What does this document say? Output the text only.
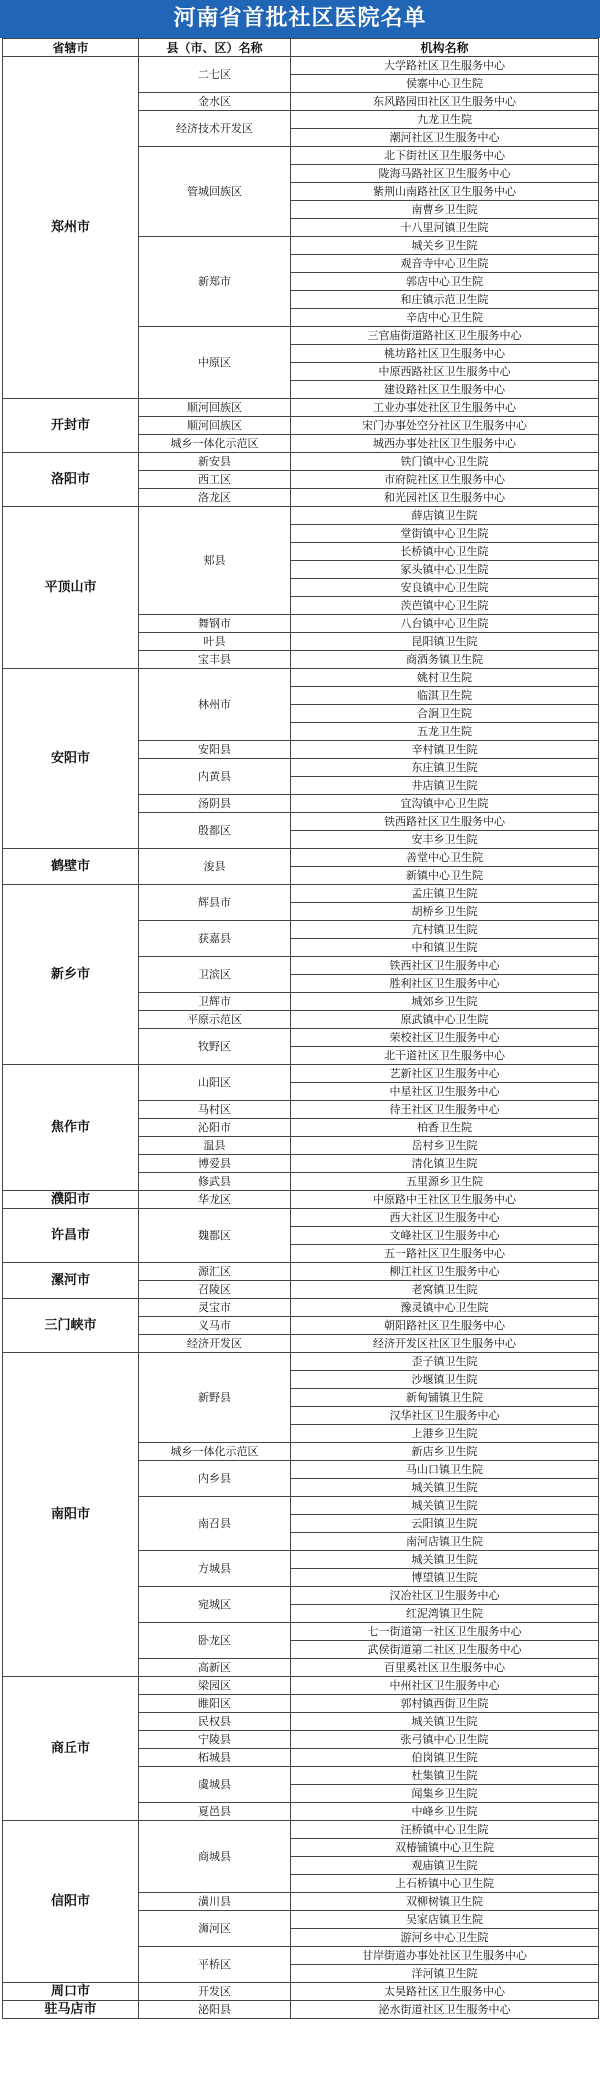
河南省首批社区医院名单
省辖市	县（市、区）名称	机构名称
郑州市	二七区	大学路社区卫生服务中心
		侯寨中心卫生院
	金水区	东风路园田社区卫生服务中心
	经济技术开发区	九龙卫生院
		潮河社区卫生服务中心
	管城回族区	北下街社区卫生服务中心
		陇海马路社区卫生服务中心
		紫荆山南路社区卫生服务中心
		南曹乡卫生院
		十八里河镇卫生院
	新郑市	城关乡卫生院
		观音寺中心卫生院
		郭店中心卫生院
		和庄镇示范卫生院
		辛店中心卫生院
	中原区	三官庙街道路社区卫生服务中心
		桃坊路社区卫生服务中心
		中原西路社区卫生服务中心
		建设路社区卫生服务中心
开封市	顺河回族区	工业办事处社区卫生服务中心
	顺河回族区	宋门办事处空分社区卫生服务中心
	城乡一体化示范区	城西办事处社区卫生服务中心
洛阳市	新安县	铁门镇中心卫生院
	西工区	市府院社区卫生服务中心
	洛龙区	和光园社区卫生服务中心
平顶山市	郏县	薛店镇卫生院
		堂街镇中心卫生院
		长桥镇中心卫生院
		冢头镇中心卫生院
		安良镇中心卫生院
		茨芭镇中心卫生院
	舞钢市	八台镇中心卫生院
	叶县	昆阳镇卫生院
	宝丰县	商酒务镇卫生院
安阳市	林州市	姚村卫生院
		临淇卫生院
		合涧卫生院
		五龙卫生院
	安阳县	辛村镇卫生院
	内黄县	东庄镇卫生院
		井店镇卫生院
	汤阴县	宜沟镇中心卫生院
	殷都区	铁西路社区卫生服务中心
		安丰乡卫生院
鹤壁市	浚县	善堂中心卫生院
		新镇中心卫生院
新乡市	辉县市	孟庄镇卫生院
		胡桥乡卫生院
	获嘉县	亢村镇卫生院
		中和镇卫生院
	卫滨区	铁西社区卫生服务中心
		胜利社区卫生服务中心
	卫辉市	城郊乡卫生院
	平原示范区	原武镇中心卫生院
	牧野区	荣校社区卫生服务中心
		北干道社区卫生服务中心
焦作市	山阳区	艺新社区卫生服务中心
		中星社区卫生服务中心
	马村区	待王社区卫生服务中心
	沁阳市	柏香卫生院
	温县	岳村乡卫生院
	博爱县	清化镇卫生院
	修武县	五里源乡卫生院
濮阳市	华龙区	中原路中王社区卫生服务中心
许昌市	魏都区	西大社区卫生服务中心
		文峰社区卫生服务中心
		五一路社区卫生服务中心
漯河市	源汇区	柳江社区卫生服务中心
	召陵区	老窝镇卫生院
三门峡市	灵宝市	豫灵镇中心卫生院
	义马市	朝阳路社区卫生服务中心
	经济开发区	经济开发区社区卫生服务中心
南阳市	新野县	歪子镇卫生院
		沙堰镇卫生院
		新甸铺镇卫生院
		汉华社区卫生服务中心
		上港乡卫生院
	城乡一体化示范区	新店乡卫生院
	内乡县	马山口镇卫生院
		城关镇卫生院
	南召县	城关镇卫生院
		云阳镇卫生院
		南河店镇卫生院
	方城县	城关镇卫生院
		博望镇卫生院
	宛城区	汉冶社区卫生服务中心
		红泥湾镇卫生院
	卧龙区	七一街道第一社区卫生服务中心
		武侯街道第二社区卫生服务中心
	高新区	百里奚社区卫生服务中心
商丘市	梁园区	中州社区卫生服务中心
	睢阳区	郭村镇西街卫生院
	民权县	城关镇卫生院
	宁陵县	张弓镇中心卫生院
	柘城县	伯岗镇卫生院
	虞城县	杜集镇卫生院
		闻集乡卫生院
	夏邑县	中峰乡卫生院
信阳市	商城县	汪桥镇中心卫生院
		双椿铺镇中心卫生院
		观庙镇卫生院
		上石桥镇中心卫生院
	潢川县	双柳树镇卫生院
	浉河区	吴家店镇卫生院
		游河乡中心卫生院
	平桥区	甘岸街道办事处社区卫生服务中心
		洋河镇卫生院
周口市	开发区	太昊路社区卫生服务中心
驻马店市	泌阳县	泌水街道社区卫生服务中心
